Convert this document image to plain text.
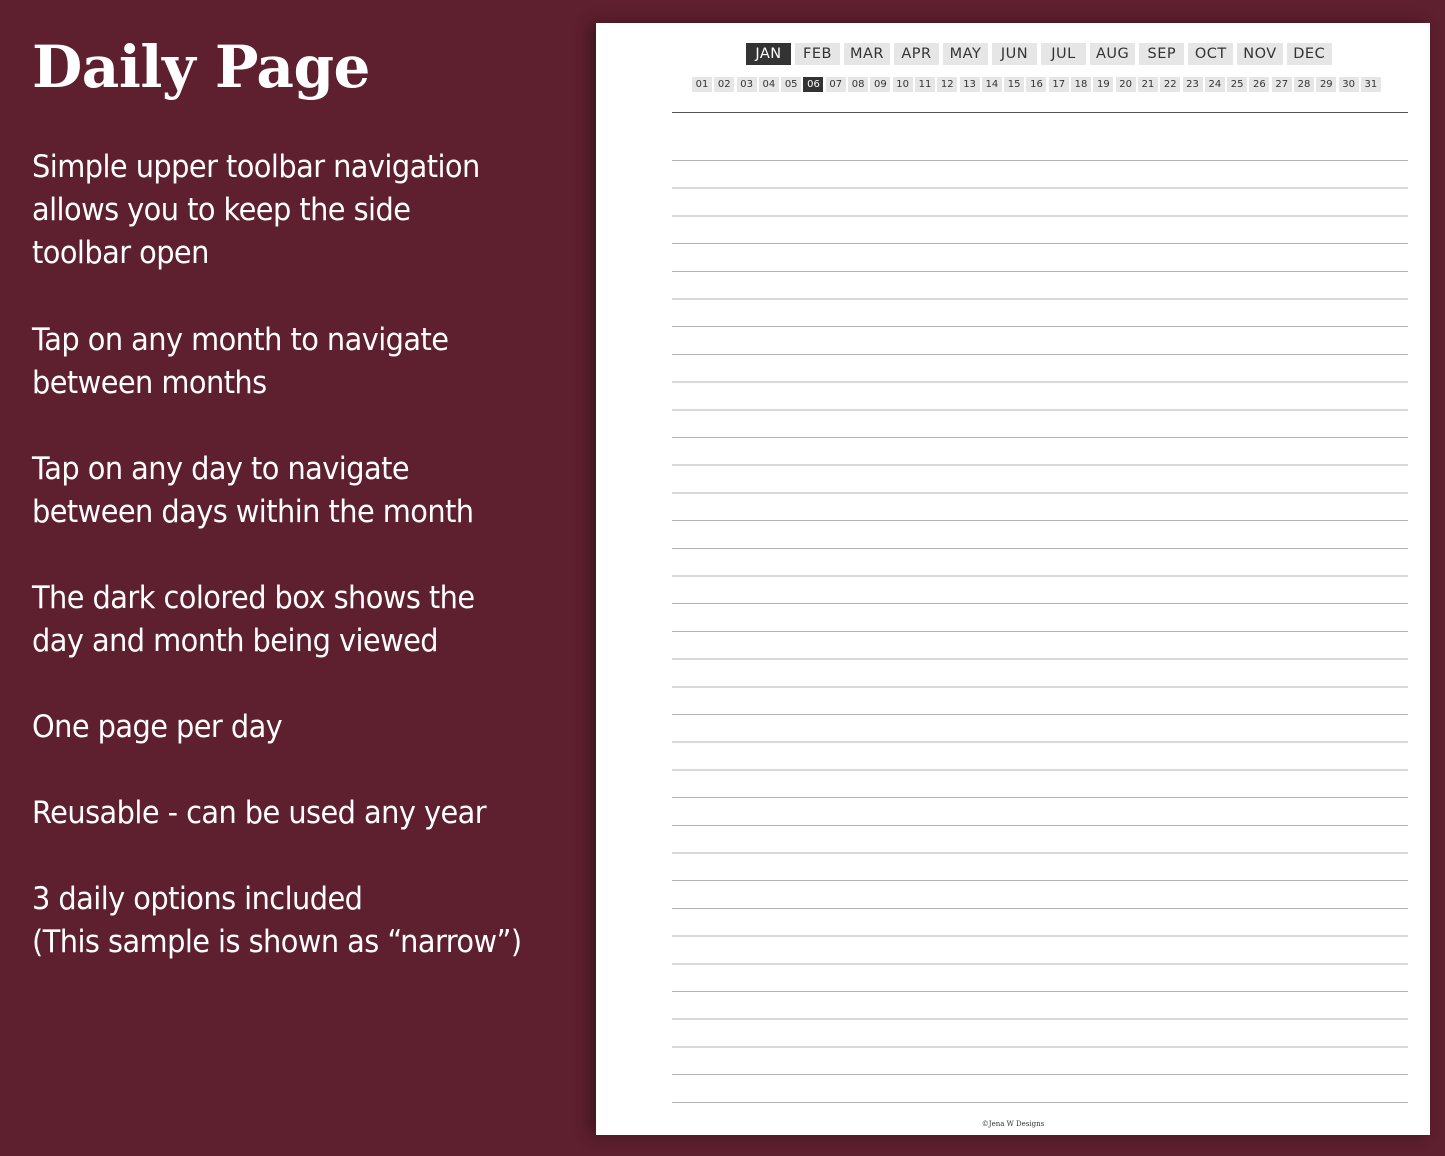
Daily Page

Simple upper toolbar navigation
allows you to keep the side
toolbar open

Tap on any month to navigate
between months

Tap on any day to navigate
between days within the month

The dark colored box shows the
day and month being viewed

One page per day

Reusable - can be used any year

3 daily options included
(This sample is shown as “narrow”)

JAN	FEB	MAR	APR	MAY	JUN	JUL	AUG	SEP	OCT	NOV	DEC
01 02 03 04 05 06 07 08 09 10 11 12 13 14 15 16 17 18 19 20 21 22 23 24 25 26 27 28 29 30 31
©Jena W Designs
